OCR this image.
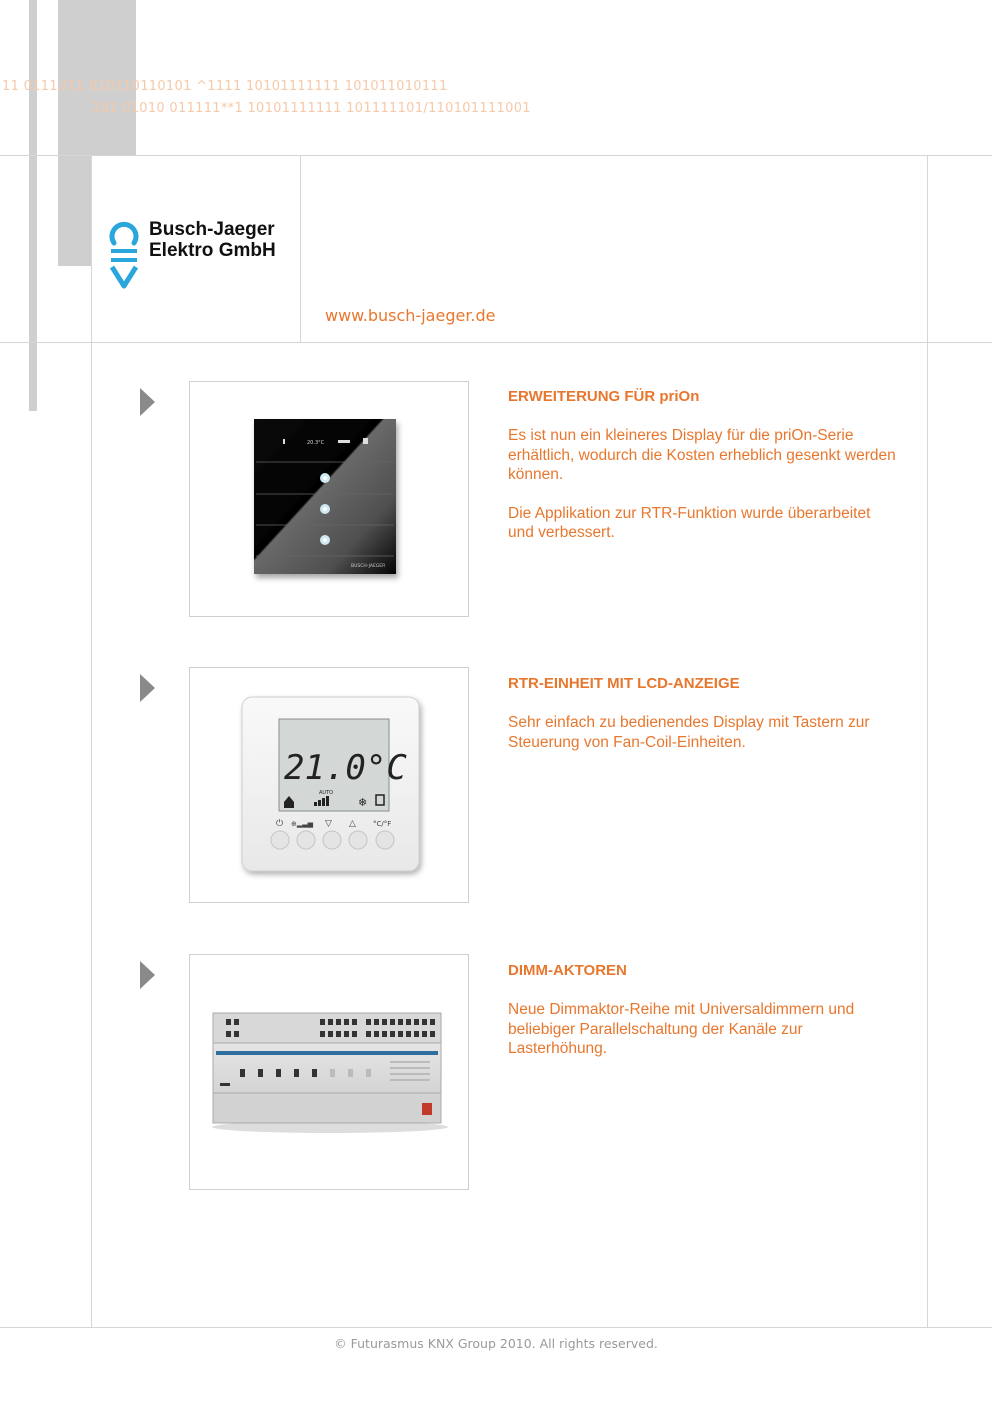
11 0111//11 010110110101 ^1111 10101111111 101011010111
101 01010 011111**1 10101111111 101111101/110101111001
Busch-Jaeger
Elektro GmbH
www.busch-jaeger.de
20.3°C
BUSCH-JAEGER
ERWEITERUNG FÜR priOn

Es ist nun ein kleineres Display für die priOn-Serie erhältlich, wodurch die Kosten erheblich gesenkt werden können.

Die Applikation zur RTR-Funktion wurde überarbeitet und verbessert.

21.0°C
AUTO
❄
⏻ ⊕▂▃▅ ▽ △ °C/°F
RTR-EINHEIT MIT LCD-ANZEIGE

Sehr einfach zu bedienendes Display mit Tastern zur Steuerung von Fan-Coil-Einheiten.

DIMM-AKTOREN

Neue Dimmaktor-Reihe mit Universaldimmern und beliebiger Parallelschaltung der Kanäle zur Lasterhöhung.

© Futurasmus KNX Group 2010. All rights reserved.
